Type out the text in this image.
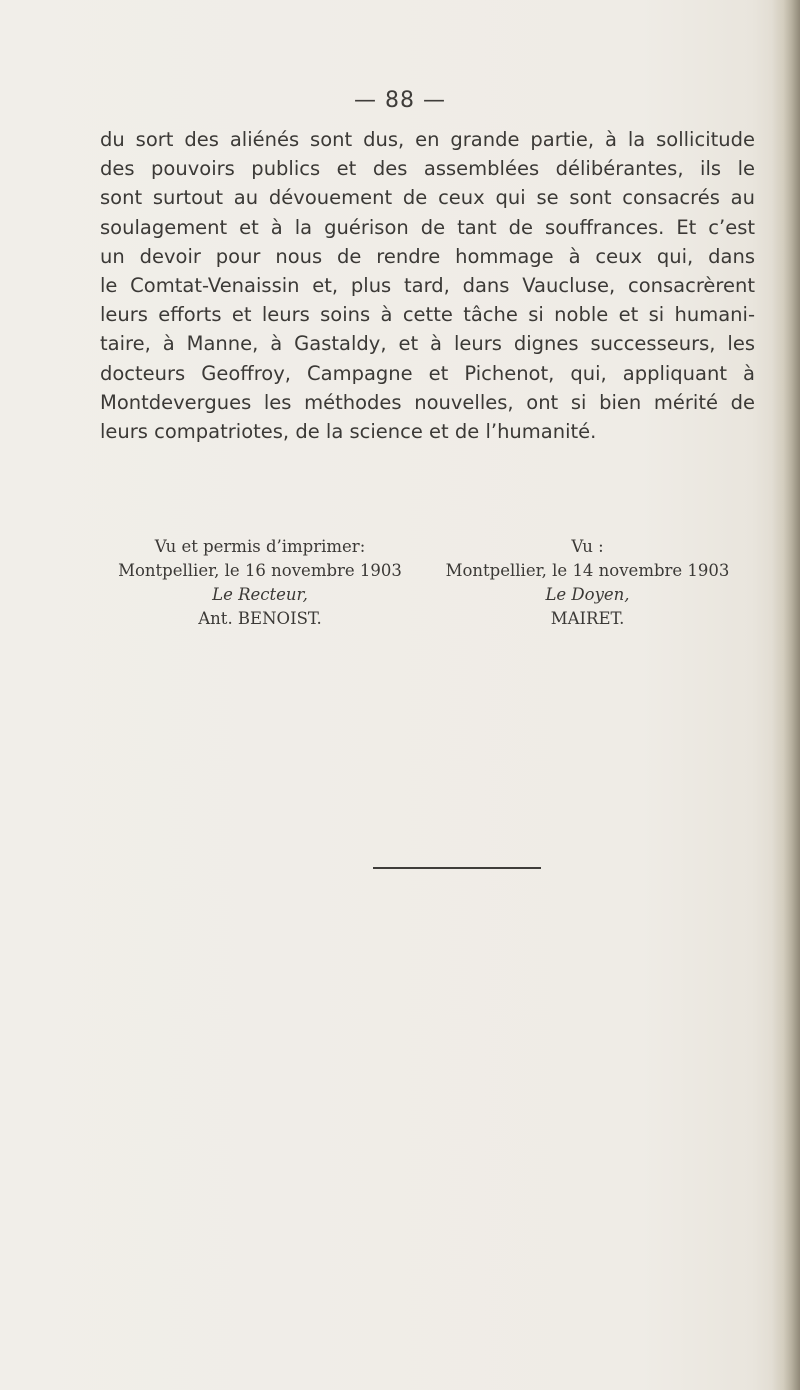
— 88 —
du sort des aliénés sont dus, en grande partie, à la sollicitude
des pouvoirs publics et des assemblées délibérantes, ils le
sont surtout au dévouement de ceux qui se sont consacrés au
soulagement et à la guérison de tant de souffrances. Et c’est
un devoir pour nous de rendre hommage à ceux qui, dans
le Comtat-Venaissin et, plus tard, dans Vaucluse, consacrèrent
leurs efforts et leurs soins à cette tâche si noble et si humani-
taire, à Manne, à Gastaldy, et à leurs dignes successeurs, les
docteurs Geoffroy, Campagne et Pichenot, qui, appliquant à
Montdevergues les méthodes nouvelles, ont si bien mérité de
leurs compatriotes, de la science et de l’humanité.
Vu et permis d’imprimer:
Montpellier, le 16 novembre 1903
Le Recteur,
Ant. BENOIST.
Vu :
Montpellier, le 14 novembre 1903
Le Doyen,
MAIRET.
